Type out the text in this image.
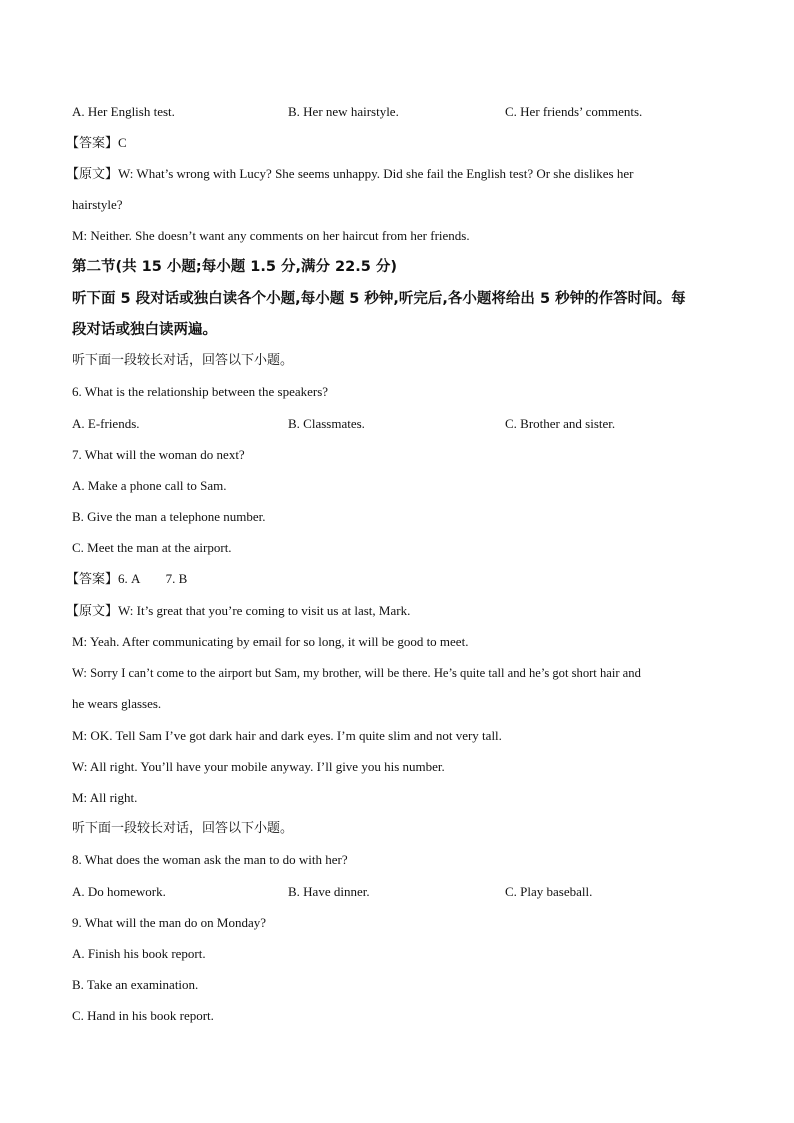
A. Her English test.	B. Her new hairstyle.	C. Her friends’ comments.
【答案】C
【原文】W: What’s wrong with Lucy? She seems unhappy. Did she fail the English test? Or she dislikes her
hairstyle?
M: Neither. She doesn’t want any comments on her haircut from her friends.
第二节(共 15 小题;每小题 1.5 分,满分 22.5 分)
听下面 5 段对话或独白读各个小题,每小题 5 秒钟,听完后,各小题将给出 5 秒钟的作答时间。每
段对话或独白读两遍。
听下面一段较长对话，回答以下小题。
6. What is the relationship between the speakers?
A. E-friends.	B. Classmates.	C. Brother and sister.
7. What will the woman do next?
A. Make a phone call to Sam.
B. Give the man a telephone number.
C. Meet the man at the airport.
【答案】6. A        7. B
【原文】W: It’s great that you’re coming to visit us at last, Mark.
M: Yeah. After communicating by email for so long, it will be good to meet.
W: Sorry I can’t come to the airport but Sam, my brother, will be there. He’s quite tall and he’s got short hair and
he wears glasses.
M: OK. Tell Sam I’ve got dark hair and dark eyes. I’m quite slim and not very tall.
W: All right. You’ll have your mobile anyway. I’ll give you his number.
M: All right.
听下面一段较长对话，回答以下小题。
8. What does the woman ask the man to do with her?
A. Do homework.	B. Have dinner.	C. Play baseball.
9. What will the man do on Monday?
A. Finish his book report.
B. Take an examination.
C. Hand in his book report.
